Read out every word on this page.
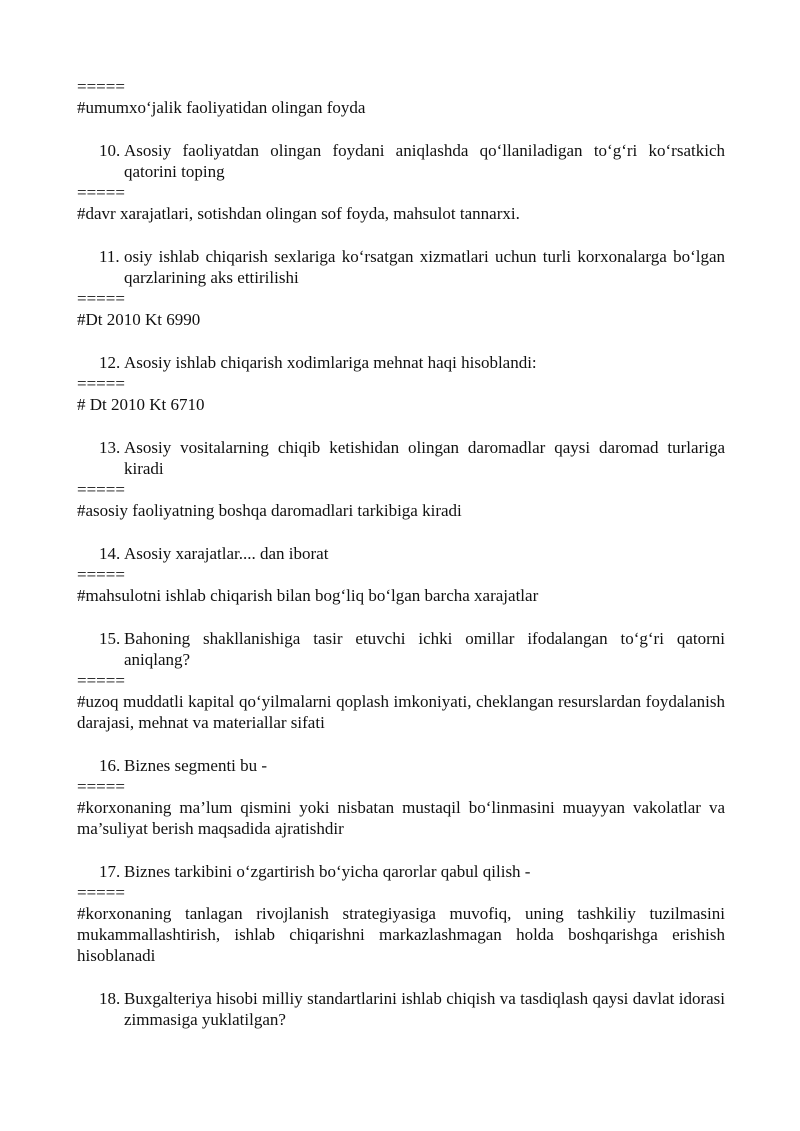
=====
#umumxo‘jalik faoliyatidan olingan foyda
10. Asosiy faoliyatdan olingan foydani aniqlashda qo‘llaniladigan to‘g‘ri ko‘rsatkich qatorini toping
=====
#davr xarajatlari, sotishdan olingan sof foyda, mahsulot tannarxi.
11. osiy ishlab chiqarish sexlariga ko‘rsatgan xizmatlari uchun turli korxonalarga bo‘lgan qarzlarining aks ettirilishi
=====
#Dt 2010 Kt 6990
12. Asosiy ishlab chiqarish xodimlariga mehnat haqi hisoblandi:
=====
# Dt 2010 Kt 6710
13. Asosiy vositalarning chiqib ketishidan olingan daromadlar qaysi daromad turlariga kiradi
=====
#asosiy faoliyatning boshqa daromadlari tarkibiga kiradi
14. Asosiy xarajatlar.... dan iborat
=====
#mahsulotni ishlab chiqarish bilan bog‘liq bo‘lgan barcha xarajatlar
15. Bahoning shakllanishiga tasir etuvchi ichki omillar ifodalangan to‘g‘ri qatorni aniqlang?
=====
#uzoq muddatli kapital qo‘yilmalarni qoplash imkoniyati, cheklangan resurslardan foydalanish darajasi, mehnat va materiallar sifati
16. Biznes segmenti bu -
=====
#korxonaning ma’lum qismini yoki nisbatan mustaqil bo‘linmasini muayyan vakolatlar va ma’suliyat berish maqsadida ajratishdir
17. Biznes tarkibini o‘zgartirish bo‘yicha qarorlar qabul qilish -
=====
#korxonaning tanlagan rivojlanish strategiyasiga muvofiq, uning tashkiliy tuzilmasini mukammallashtirish, ishlab chiqarishni markazlashmagan holda boshqarishga erishish hisoblanadi
18. Buxgalteriya hisobi milliy standartlarini ishlab chiqish va tasdiqlash qaysi davlat idorasi zimmasiga yuklatilgan?
